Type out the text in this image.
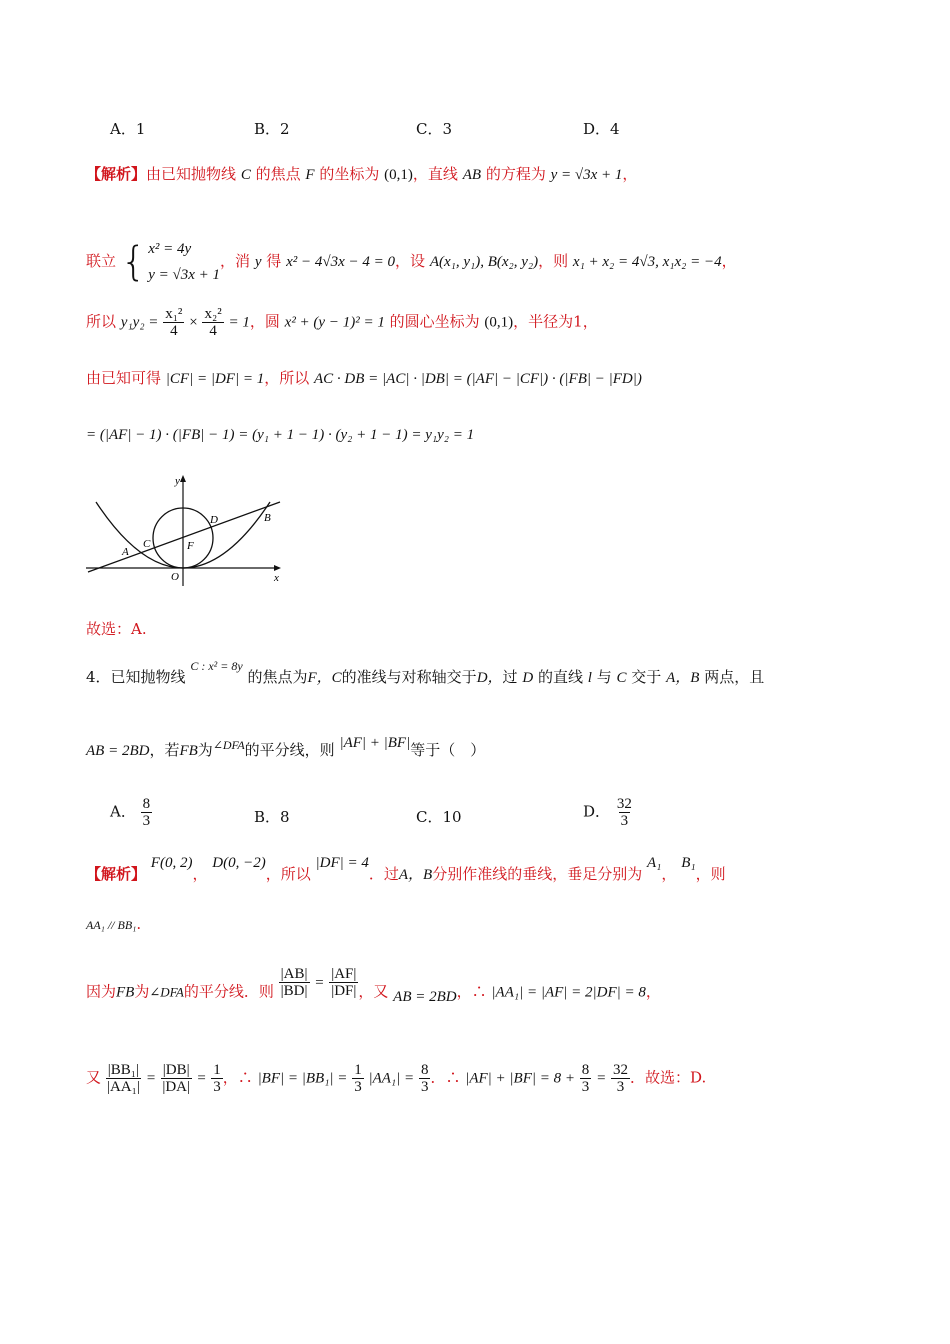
A．1	B．2	C．3	D．4
【解析】由已知抛物线 C 的焦点 F 的坐标为 (0,1)，直线 AB 的方程为 y = √3x + 1，
联立 { x² = 4y
y = √3x + 1
，消 y 得 x² − 4√3x − 4 = 0，设 A(x₁, y₁), B(x₂, y₂)，则 x₁ + x₂ = 4√3, x₁x₂ = −4，
所以 $y_1y_2 = \frac{\text{x₁²}}{4} \times \frac{\text{x₂²}}{4} = 1$，圆 x² + (y − 1)² = 1 的圆心坐标为 (0,1)，半径为1，
由已知可得 |CF| = |DF| = 1，所以 AC · DB = |AC| · |DB| = (|AF| − |CF|) · (|FB| − |FD|)
= (|AF| − 1) · (|FB| − 1) = (y₁ + 1 − 1) · (y₂ + 1 − 1) = y₁y₂ = 1
y
x
O
A
C	F
D	B
故选：A.
4．已知抛物线 $^{C : x^2 = 8y}$ 的焦点为F，C的准线与对称轴交于D，过 D 的直线 l 与 C 交于 A，B 两点，且
AB = 2BD，若FB为$^{\angle DFA}$的平分线，则 |AF| + |BF|等于（　）
A． $\frac{8}{3}$	B．8	C．10	D． $\frac{32}{3}$
【解析】 F(0, 2)， D(0, −2)，所以 |DF| = 4．过A，B分别作准线的垂线，垂足分别为 A₁， B₁，则
AA₁ // BB₁.
因为FB为∠DFA的平分线．则 $\frac{|AB|}{|BD|} = \frac{|AF|}{|DF|}$ ，又 AB = 2BD，∴ |AA₁| = |AF| = 2|DF| = 8，
又 $\frac{\text{|BB₁|}}{\text{|AA₁|}} = \frac{|DB|}{|DA|} = \frac{1}{3}$ ，∴ $|BF| = |BB_1| = \frac{1}{3} |AA_1| = \frac{8}{3}$ ．∴ $|AF| + |BF| = 8 + \frac{8}{3} = \frac{32}{3}$ ．故选：D.
